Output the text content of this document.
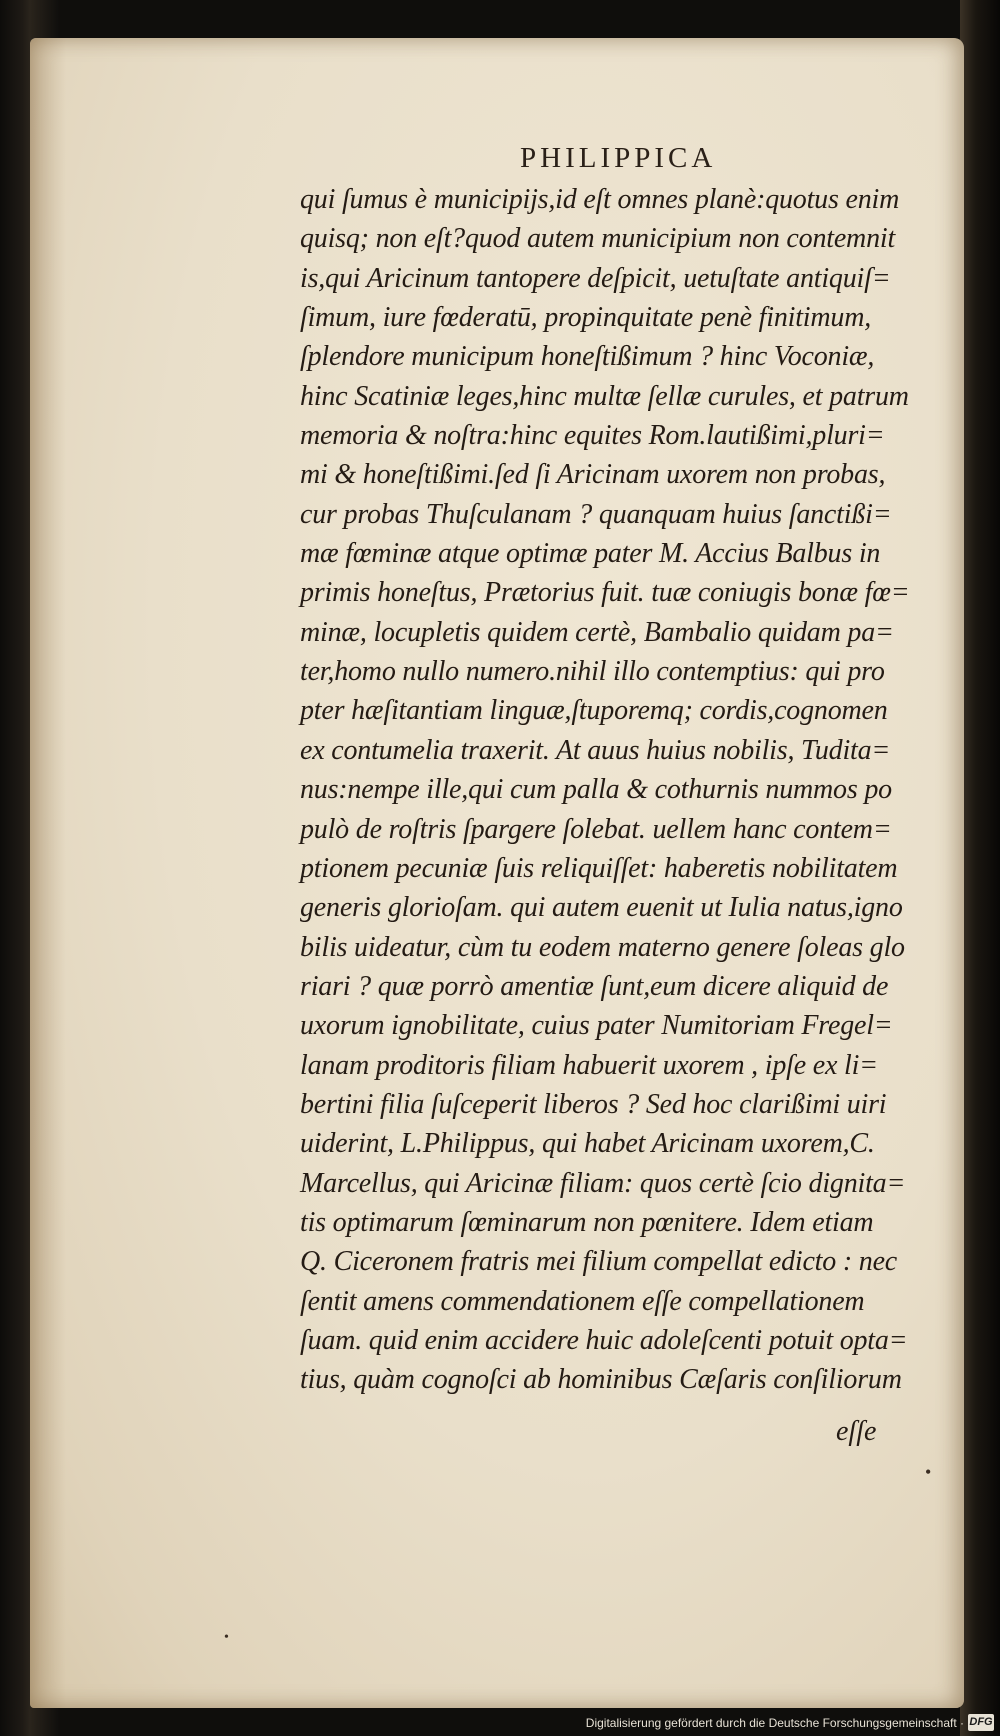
PHILIPPICA
qui ſumus è municipijs,id eſt omnes planè:quotus enim
quisq; non eſt?quod autem municipium non contemnit
is,qui Aricinum tantopere deſpicit, uetuſtate antiquiſ=
ſimum, iure fœderatū, propinquitate penè finitimum,
ſplendore municipum honeſtißimum ? hinc Voconiæ,
hinc Scatiniæ leges,hinc multæ ſellæ curules, et patrum
memoria & noſtra:hinc equites Rom.lautißimi,pluri=
mi & honeſtißimi.ſed ſi Aricinam uxorem non probas,
cur probas Thuſculanam ? quanquam huius ſanctißi=
mæ fœminæ atque optimæ pater M. Accius Balbus in
primis honeſtus, Prætorius fuit. tuæ coniugis bonæ fœ=
minæ, locupletis quidem certè, Bambalio quidam pa=
ter,homo nullo numero.nihil illo contemptius: qui pro
pter hæſitantiam linguæ,ſtuporemq; cordis,cognomen
ex contumelia traxerit. At auus huius nobilis, Tudita=
nus:nempe ille,qui cum palla & cothurnis nummos po
pulò de roſtris ſpargere ſolebat. uellem hanc contem=
ptionem pecuniæ ſuis reliquiſſet: haberetis nobilitatem
generis glorioſam. qui autem euenit ut Iulia natus,igno
bilis uideatur, cùm tu eodem materno genere ſoleas glo
riari ? quæ porrò amentiæ ſunt,eum dicere aliquid de
uxorum ignobilitate, cuius pater Numitoriam Fregel=
lanam proditoris filiam habuerit uxorem , ipſe ex li=
bertini filia ſuſceperit liberos ? Sed hoc clarißimi uiri
uiderint, L.Philippus, qui habet Aricinam uxorem,C.
Marcellus, qui Aricinæ filiam: quos certè ſcio dignita=
tis optimarum ſœminarum non pœnitere. Idem etiam
Q. Ciceronem fratris mei filium compellat edicto : nec
ſentit amens commendationem eſſe compellationem
ſuam. quid enim accidere huic adoleſcenti potuit opta=
tius, quàm cognoſci ab hominibus Cæſaris conſiliorum
eſſe
•
•
Digitalisierung gefördert durch die Deutsche Forschungsgemeinschaft · DFG
